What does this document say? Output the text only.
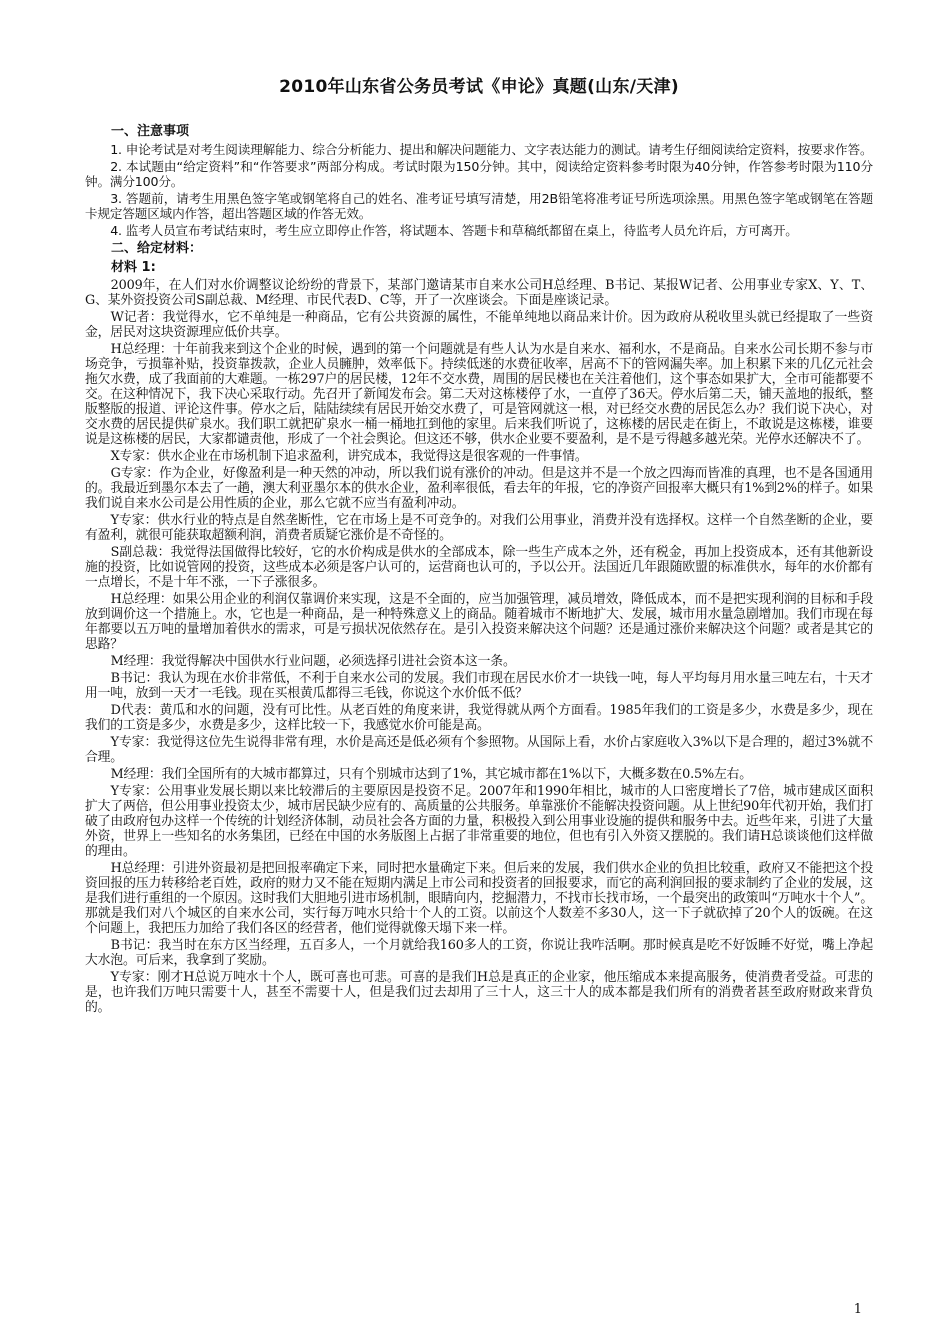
2010年山东省公务员考试《申论》真题(山东/天津)
一、注意事项

1. 申论考试是对考生阅读理解能力、综合分析能力、提出和解决问题能力、文字表达能力的测试。请考生仔细阅读给定资料，按要求作答。

2. 本试题由“给定资料”和“作答要求”两部分构成。考试时限为150分钟。其中，阅读给定资料参考时限为40分钟，作答参考时限为110分钟。满分100分。

3. 答题前，请考生用黑色签字笔或钢笔将自己的姓名、准考证号填写清楚，用2B铅笔将准考证号所选项涂黑。用黑色签字笔或钢笔在答题卡规定答题区域内作答，超出答题区域的作答无效。

4. 监考人员宣布考试结束时，考生应立即停止作答，将试题本、答题卡和草稿纸都留在桌上，待监考人员允许后，方可离开。

二、给定材料：
材料 1:

2009年，在人们对水价调整议论纷纷的背景下，某部门邀请某市自来水公司H总经理、B书记、某报W记者、公用事业专家X、Y、T、G、某外资投资公司S副总裁、M经理、市民代表D、C等，开了一次座谈会。下面是座谈记录。

W记者：我觉得水，它不单纯是一种商品，它有公共资源的属性，不能单纯地以商品来计价。因为政府从税收里头就已经提取了一些资金，居民对这块资源理应低价共享。

H总经理：十年前我来到这个企业的时候，遇到的第一个问题就是有些人认为水是自来水、福利水，不是商品。自来水公司长期不参与市场竞争，亏损靠补贴，投资靠拨款，企业人员臃肿，效率低下。持续低迷的水费征收率，居高不下的管网漏失率。加上积累下来的几亿元社会拖欠水费，成了我面前的大难题。一栋297户的居民楼，12年不交水费，周围的居民楼也在关注着他们，这个事态如果扩大，全市可能都要不交。在这种情况下，我下决心采取行动。先召开了新闻发布会。第二天对这栋楼停了水，一直停了36天。停水后第二天，铺天盖地的报纸，整版整版的报道、评论这件事。停水之后，陆陆续续有居民开始交水费了，可是管网就这一根，对已经交水费的居民怎么办？我们说下决心，对交水费的居民提供矿泉水。我们职工就把矿泉水一桶一桶地扛到他的家里。后来我们听说了，这栋楼的居民走在街上，不敢说是这栋楼，谁要说是这栋楼的居民，大家都谴责他，形成了一个社会舆论。但这还不够，供水企业要不要盈利，是不是亏得越多越光荣。光停水还解决不了。

X专家：供水企业在市场机制下追求盈利，讲究成本，我觉得这是很客观的一件事情。

G专家：作为企业，好像盈利是一种天然的冲动，所以我们说有涨价的冲动。但是这并不是一个放之四海而皆准的真理，也不是各国通用的。我最近到墨尔本去了一趟，澳大利亚墨尔本的供水企业，盈利率很低，看去年的年报，它的净资产回报率大概只有1%到2%的样子。如果我们说自来水公司是公用性质的企业，那么它就不应当有盈利冲动。

Y专家：供水行业的特点是自然垄断性，它在市场上是不可竞争的。对我们公用事业，消费并没有选择权。这样一个自然垄断的企业，要有盈利，就很可能获取超额利润，消费者质疑它涨价是不奇怪的。

S副总裁：我觉得法国做得比较好，它的水价构成是供水的全部成本，除一些生产成本之外，还有税金，再加上投资成本，还有其他新设施的投资，比如说管网的投资，这些成本必须是客户认可的，运营商也认可的，予以公开。法国近几年跟随欧盟的标准供水，每年的水价都有一点增长，不是十年不涨，一下子涨很多。

H总经理：如果公用企业的利润仅靠调价来实现，这是不全面的，应当加强管理，减员增效，降低成本，而不是把实现利润的目标和手段放到调价这一个措施上。水，它也是一种商品，是一种特殊意义上的商品。随着城市不断地扩大、发展，城市用水量急剧增加。我们市现在每年都要以五万吨的量增加着供水的需求，可是亏损状况依然存在。是引入投资来解决这个问题？还是通过涨价来解决这个问题？或者是其它的思路？

M经理：我觉得解决中国供水行业问题，必须选择引进社会资本这一条。

B书记：我认为现在水价非常低，不利于自来水公司的发展。我们市现在居民水价才一块钱一吨，每人平均每月用水量三吨左右，十天才用一吨，放到一天才一毛钱。现在买根黄瓜都得三毛钱，你说这个水价低不低？

D代表：黄瓜和水的问题，没有可比性。从老百姓的角度来讲，我觉得就从两个方面看。1985年我们的工资是多少，水费是多少，现在我们的工资是多少，水费是多少，这样比较一下，我感觉水价可能是高。

Y专家：我觉得这位先生说得非常有理，水价是高还是低必须有个参照物。从国际上看，水价占家庭收入3%以下是合理的，超过3%就不合理。

M经理：我们全国所有的大城市都算过，只有个别城市达到了1%，其它城市都在1%以下，大概多数在0.5%左右。

Y专家：公用事业发展长期以来比较滞后的主要原因是投资不足。2007年和1990年相比，城市的人口密度增长了7倍，城市建成区面积扩大了两倍，但公用事业投资太少，城市居民缺少应有的、高质量的公共服务。单靠涨价不能解决投资问题。从上世纪90年代初开始，我们打破了由政府包办这样一个传统的计划经济体制，动员社会各方面的力量，积极投入到公用事业设施的提供和服务中去。近些年来，引进了大量外资，世界上一些知名的水务集团，已经在中国的水务版图上占据了非常重要的地位，但也有引入外资又摆脱的。我们请H总谈谈他们这样做的理由。

H总经理：引进外资最初是把回报率确定下来，同时把水量确定下来。但后来的发展，我们供水企业的负担比较重，政府又不能把这个投资回报的压力转移给老百姓，政府的财力又不能在短期内满足上市公司和投资者的回报要求，而它的高利润回报的要求制约了企业的发展，这是我们进行重组的一个原因。这时我们大胆地引进市场机制，眼睛向内，挖掘潜力，不找市长找市场，一个最突出的政策叫“万吨水十个人”。那就是我们对八个城区的自来水公司，实行每万吨水只给十个人的工资。以前这个人数差不多30人，这一下子就砍掉了20个人的饭碗。在这个问题上，我把压力加给了我们各区的经营者，他们觉得就像天塌下来一样。

B书记：我当时在东方区当经理，五百多人，一个月就给我160多人的工资，你说让我咋活啊。那时候真是吃不好饭睡不好觉，嘴上净起大水泡。可后来，我拿到了奖励。

Y专家：刚才H总说万吨水十个人，既可喜也可悲。可喜的是我们H总是真正的企业家，他压缩成本来提高服务，使消费者受益。可悲的是，也许我们万吨只需要十人，甚至不需要十人，但是我们过去却用了三十人，这三十人的成本都是我们所有的消费者甚至政府财政来背负的。

1
